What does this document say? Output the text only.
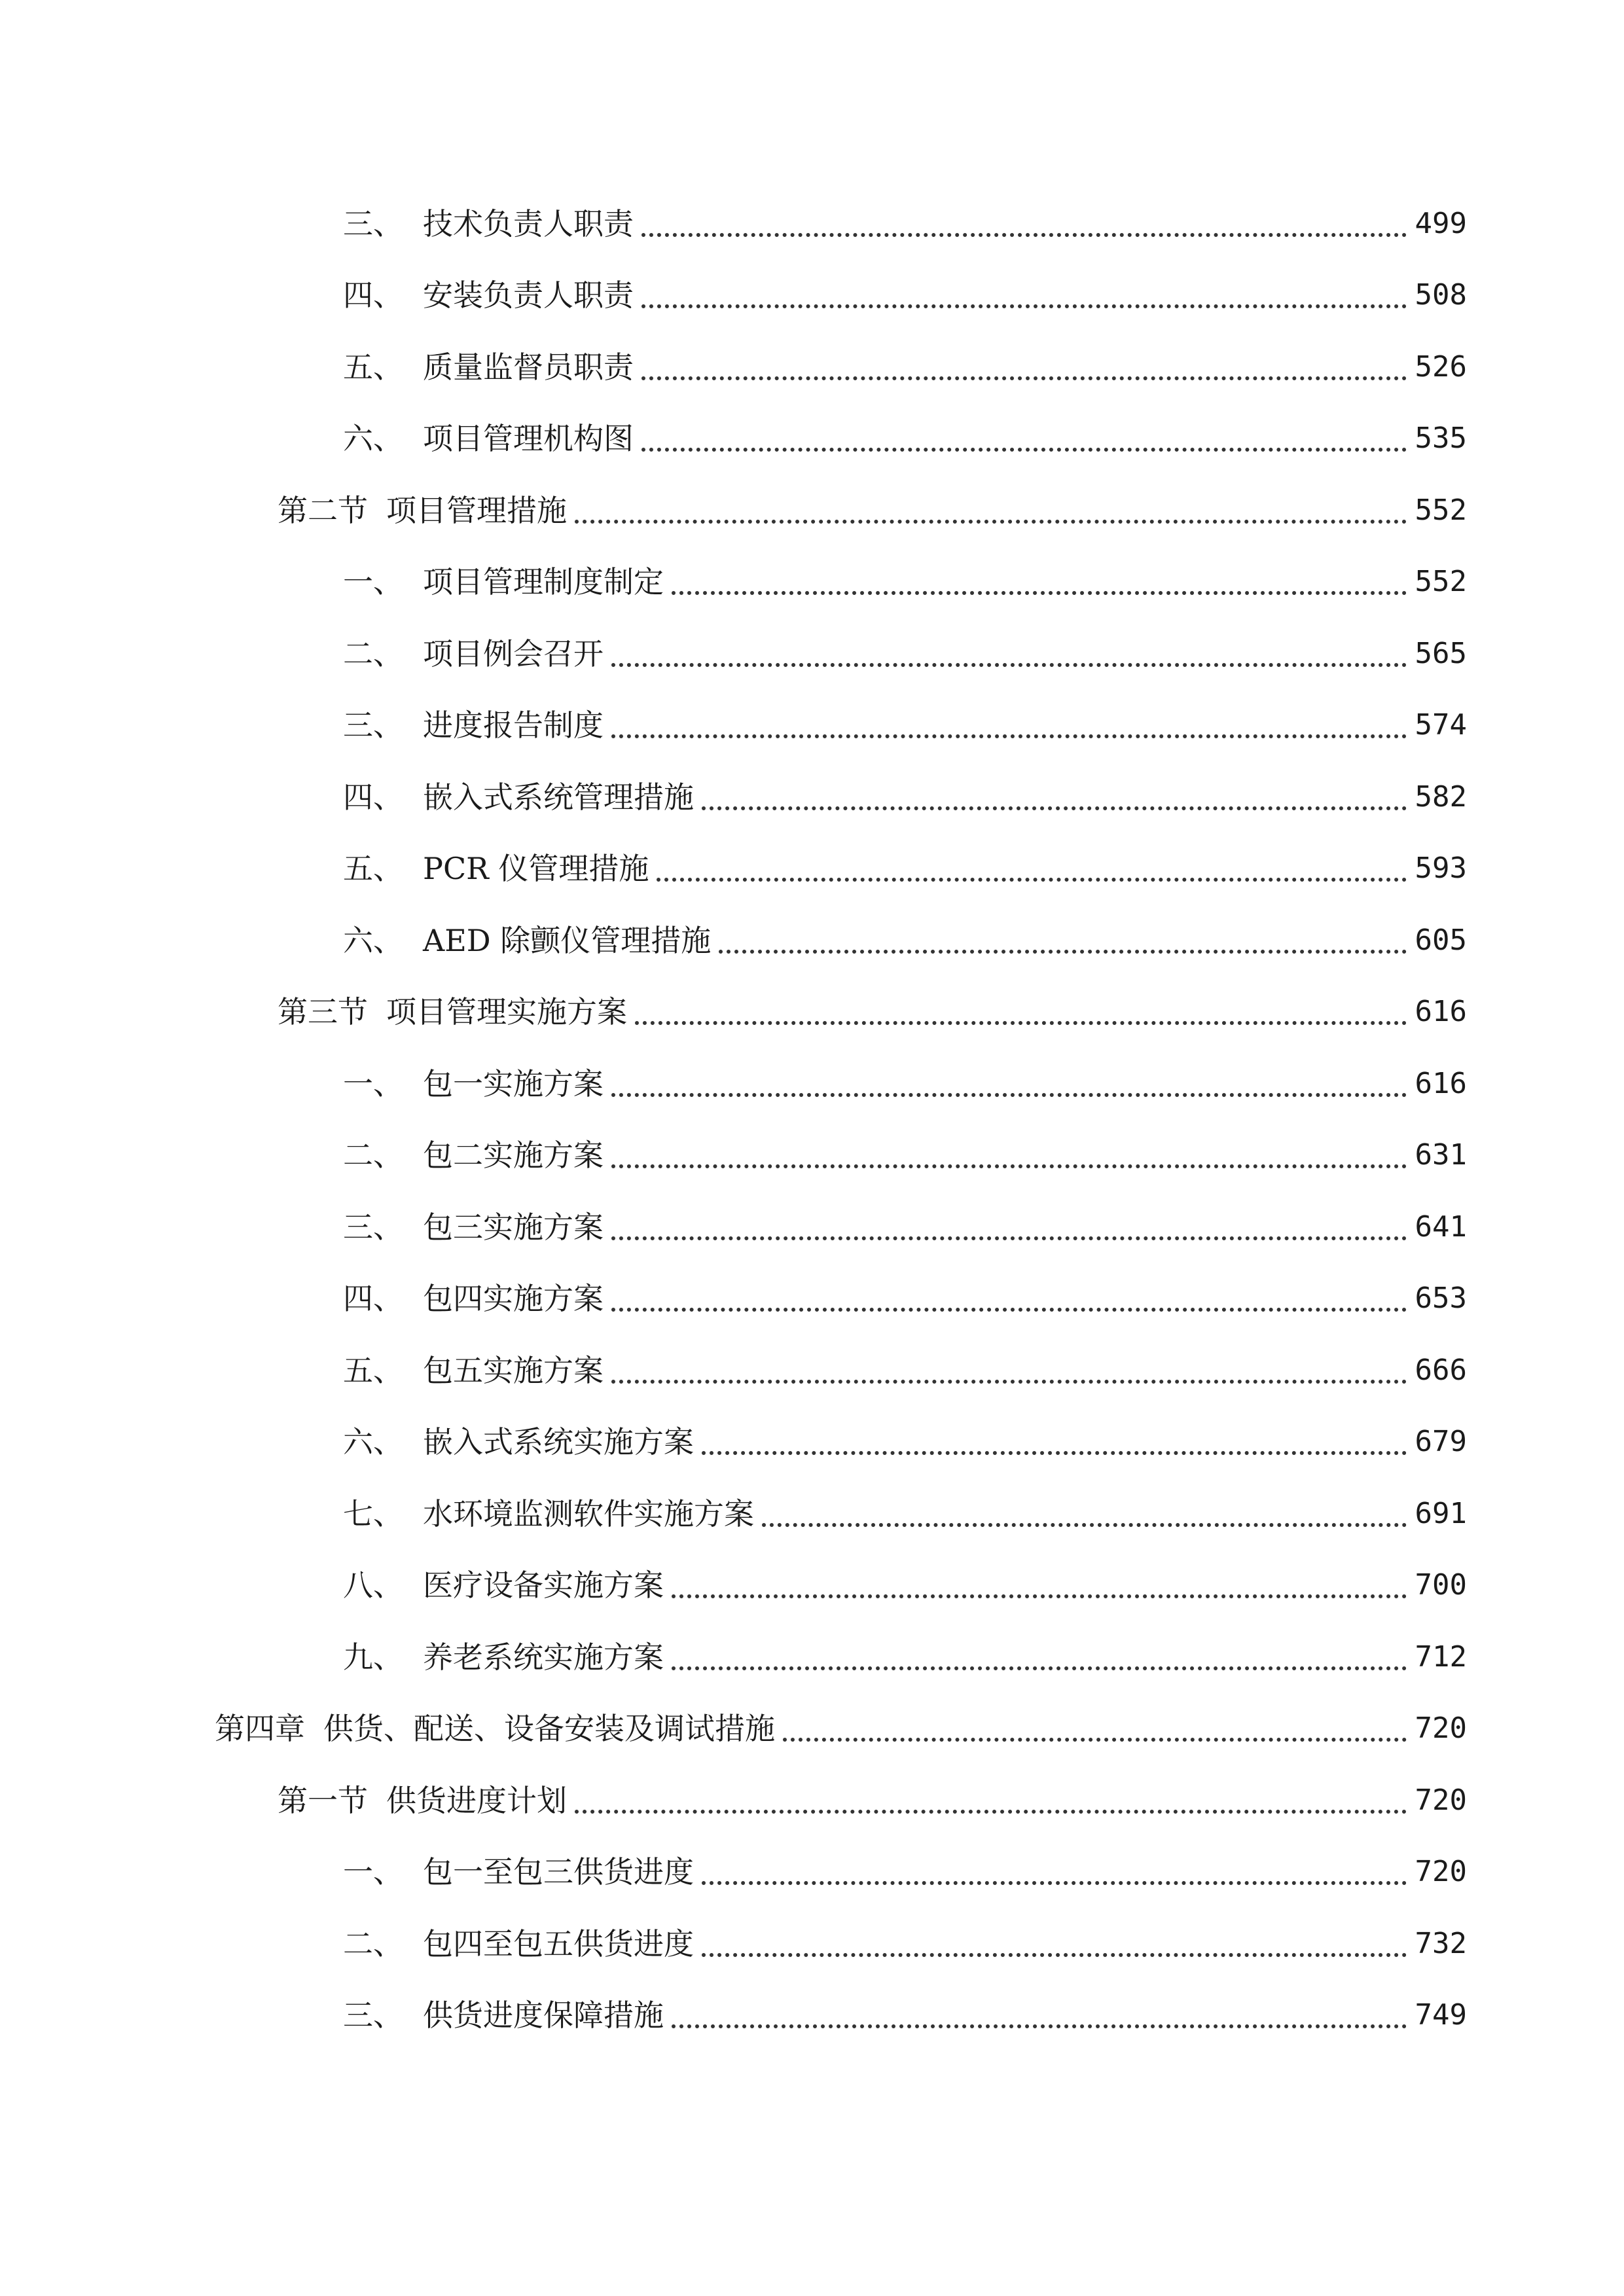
三、 技术负责人职责	499
四、 安装负责人职责	508
五、 质量监督员职责	526
六、 项目管理机构图	535
第二节 项目管理措施	552
一、 项目管理制度制定	552
二、 项目例会召开	565
三、 进度报告制度	574
四、 嵌入式系统管理措施	582
五、 PCR 仪管理措施	593
六、 AED 除颤仪管理措施	605
第三节 项目管理实施方案	616
一、 包一实施方案	616
二、 包二实施方案	631
三、 包三实施方案	641
四、 包四实施方案	653
五、 包五实施方案	666
六、 嵌入式系统实施方案	679
七、 水环境监测软件实施方案	691
八、 医疗设备实施方案	700
九、 养老系统实施方案	712
第四章 供货、配送、设备安装及调试措施	720
第一节 供货进度计划	720
一、 包一至包三供货进度	720
二、 包四至包五供货进度	732
三、 供货进度保障措施	749
